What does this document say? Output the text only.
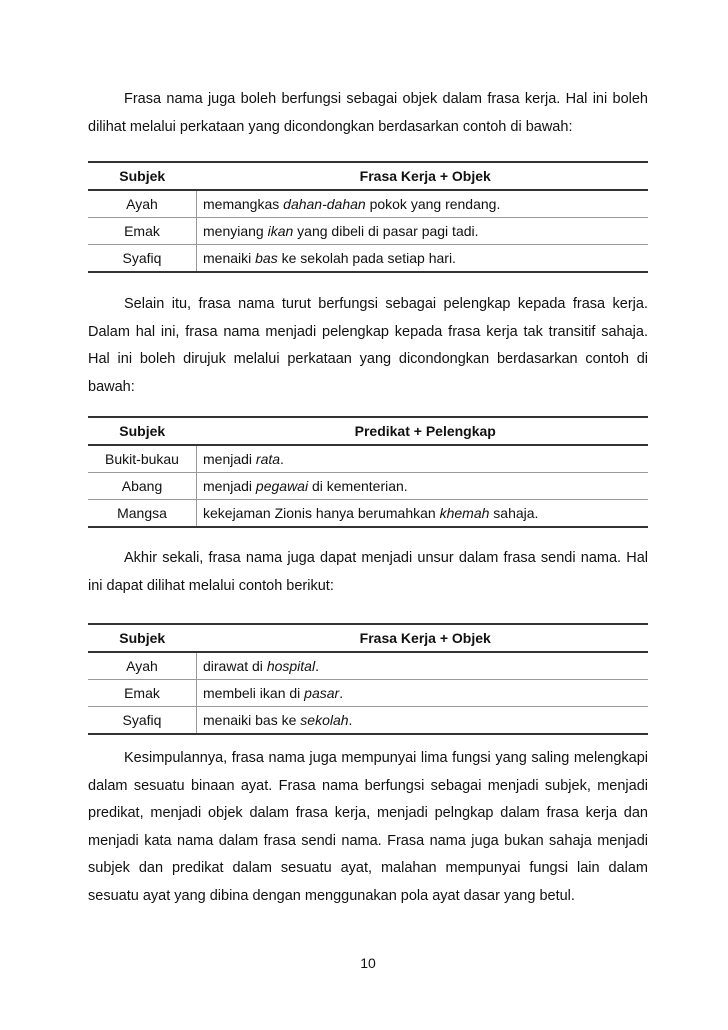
Frasa nama juga boleh berfungsi sebagai objek dalam frasa kerja. Hal ini boleh dilihat melalui perkataan yang dicondongkan berdasarkan contoh di bawah:

Subjek	Frasa Kerja + Objek
Ayah	memangkas dahan-dahan pokok yang rendang.
Emak	menyiang ikan yang dibeli di pasar pagi tadi.
Syafiq	menaiki bas ke sekolah pada setiap hari.

Selain itu, frasa nama turut berfungsi sebagai pelengkap kepada frasa kerja. Dalam hal ini, frasa nama menjadi pelengkap kepada frasa kerja tak transitif sahaja. Hal ini boleh dirujuk melalui perkataan yang dicondongkan berdasarkan contoh di bawah:

Subjek	Predikat + Pelengkap
Bukit-bukau	menjadi rata.
Abang	menjadi pegawai di kementerian.
Mangsa	kekejaman Zionis hanya berumahkan khemah sahaja.

Akhir sekali, frasa nama juga dapat menjadi unsur dalam frasa sendi nama. Hal ini dapat dilihat melalui contoh berikut:

Subjek	Frasa Kerja + Objek
Ayah	dirawat di hospital.
Emak	membeli ikan di pasar.
Syafiq	menaiki bas ke sekolah.

Kesimpulannya, frasa nama juga mempunyai lima fungsi yang saling melengkapi dalam sesuatu binaan ayat. Frasa nama berfungsi sebagai menjadi subjek, menjadi predikat, menjadi objek dalam frasa kerja, menjadi pelngkap dalam frasa kerja dan menjadi kata nama dalam frasa sendi nama. Frasa nama juga bukan sahaja menjadi subjek dan predikat dalam sesuatu ayat, malahan mempunyai fungsi lain dalam sesuatu ayat yang dibina dengan menggunakan pola ayat dasar yang betul.

10
